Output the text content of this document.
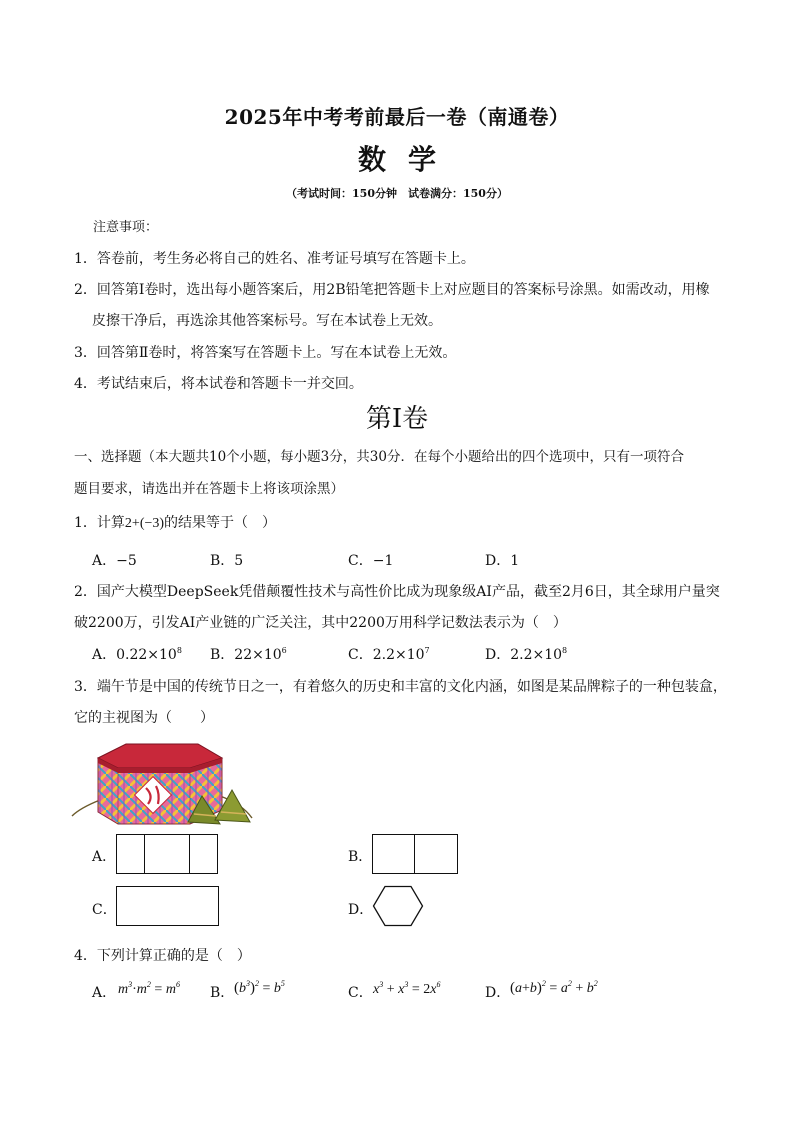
2025年中考考前最后一卷（南通卷）
数学
（考试时间：150分钟　试卷满分：150分）
注意事项：
1．答卷前，考生务必将自己的姓名、准考证号填写在答题卡上。
2．回答第Ⅰ卷时，选出每小题答案后，用2B铅笔把答题卡上对应题目的答案标号涂黑。如需改动，用橡
皮擦干净后，再选涂其他答案标号。写在本试卷上无效。
3．回答第Ⅱ卷时，将答案写在答题卡上。写在本试卷上无效。
4．考试结束后，将本试卷和答题卡一并交回。
第Ⅰ卷
一、选择题（本大题共10个小题，每小题3分，共30分．在每个小题给出的四个选项中，只有一项符合
题目要求，请选出并在答题卡上将该项涂黑）
1．计算2+(−3)的结果等于（　）
A．−5	B．5	C．−1	D．1
2．国产大模型DeepSeek凭借颠覆性技术与高性价比成为现象级AI产品，截至2月6日，其全球用户量突
破2200万，引发AI产业链的广泛关注，其中2200万用科学记数法表示为（　）
A．$0.22\times 10^8$ B．$22\times 10^6$	C．$2.2\times 10^7$	D．$2.2\times 10^8$
3．端午节是中国的传统节日之一，有着悠久的历史和丰富的文化内涵，如图是某品牌粽子的一种包装盒，
它的主视图为（　　）
A．	B．
C．	D．
4．下列计算正确的是（　）
A． $m^3\cdot m^2 = m^6$
B． $(b^3)^2 = b^5$
C． $x^3 + x^3 = 2x^6$
D． $(a+b)^2 = a^2 + b^2$
